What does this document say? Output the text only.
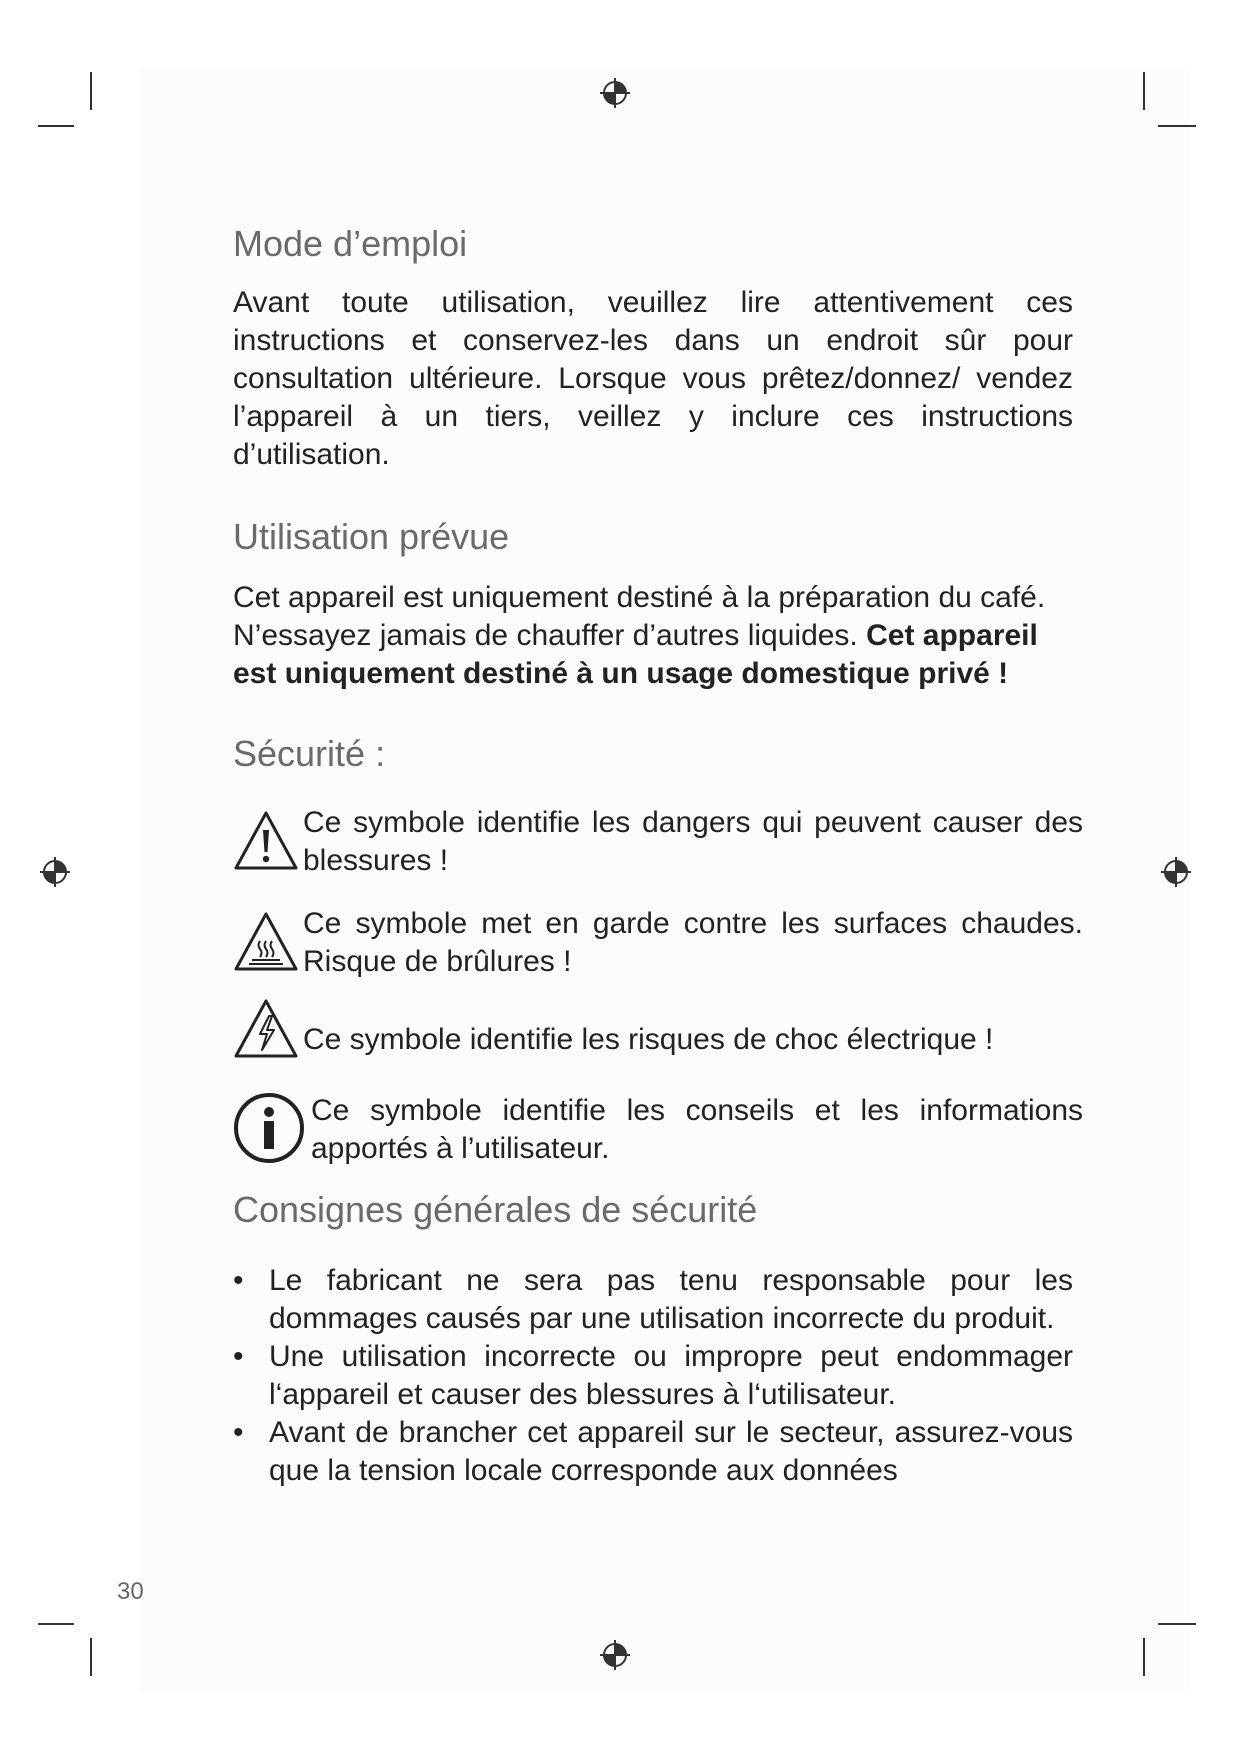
Mode d’emploi

Avant toute utilisation, veuillez lire attentivement ces instructions et conservez-les dans un endroit sûr pour consultation ultérieure. Lorsque vous prêtez/donnez/ vendez l’appareil à un tiers, veillez y inclure ces instructions d’utilisation.

Utilisation prévue

Cet appareil est uniquement destiné à la préparation du café. N’essayez jamais de chauffer d’autres liquides. Cet appareil est uniquement destiné à un usage domestique privé !

Sécurité :
Ce symbole identifie les dangers qui peuvent causer des blessures !
Ce symbole met en garde contre les surfaces chaudes. Risque de brûlures !
Ce symbole identifie les risques de choc électrique !
Ce symbole identifie les conseils et les informations apportés à l’utilisateur.
Consignes générales de sécurité
• Le fabricant ne sera pas tenu responsable pour les dommages causés par une utilisation incorrecte du produit.
• Une utilisation incorrecte ou impropre peut endommager l‘appareil et causer des blessures à l‘utilisateur.
• Avant de brancher cet appareil sur le secteur, assurez-vous que la tension locale corresponde aux données
30
